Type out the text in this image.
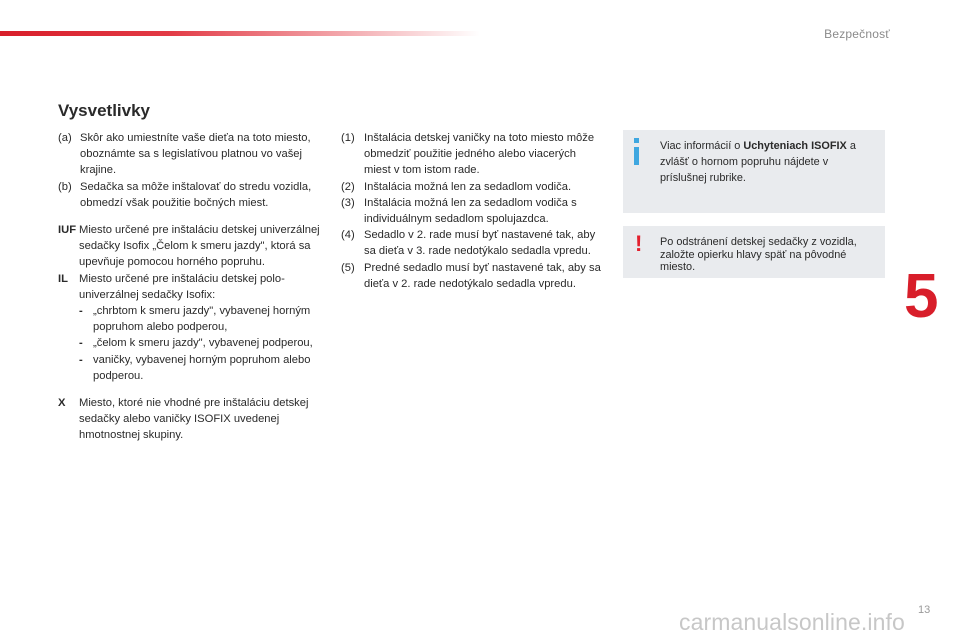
Bezpečnosť
5
Vysvetlivky
(a) Skôr ako umiestníte vaše dieťa na toto miesto, oboznámte sa s legislatívou platnou vo vašej krajine.
(b) Sedačka sa môže inštalovať do stredu vozidla, obmedzí však použitie bočných miest.
IUF Miesto určené pre inštaláciu detskej univerzálnej sedačky Isofix „Čelom k smeru jazdy", ktorá sa upevňuje pomocou horného popruhu.
IL Miesto určené pre inštaláciu detskej polo-univerzálnej sedačky Isofix:
- „chrbtom k smeru jazdy", vybavenej horným popruhom alebo podperou,
- „čelom k smeru jazdy", vybavenej podperou,
- vaničky, vybavenej horným popruhom alebo podperou.
X	Miesto, ktoré nie vhodné pre inštaláciu detskej sedačky alebo vaničky ISOFIX uvedenej hmotnostnej skupiny.
(1) Inštalácia detskej vaničky na toto miesto môže obmedziť použitie jedného alebo viacerých miest v tom istom rade.
(2) Inštalácia možná len za sedadlom vodiča.
(3) Inštalácia možná len za sedadlom vodiča s individuálnym sedadlom spolujazdca.
(4) Sedadlo v 2. rade musí byť nastavené tak, aby sa dieťa v 3. rade nedotýkalo sedadla vpredu.
(5) Predné sedadlo musí byť nastavené tak, aby sa dieťa v 2. rade nedotýkalo sedadla vpredu.
Viac informácií o Uchyteniach ISOFIX a zvlášť o hornom popruhu nájdete v príslušnej rubrike.
! Po odstránení detskej sedačky z vozidla, založte opierku hlavy späť na pôvodné miesto.
carmanualsonline.info 13
